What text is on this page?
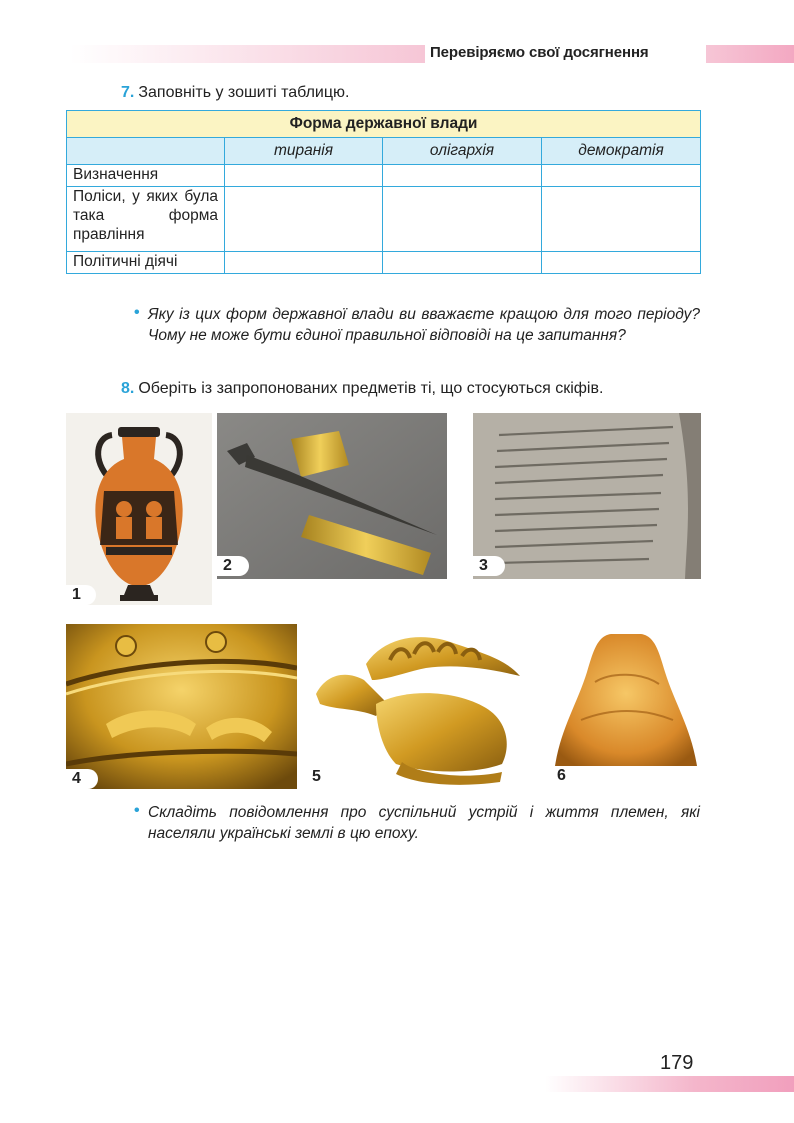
Перевіряємо свої досягнення
7. Заповніть у зошиті таблицю.
Форма державної влади			
	тиранія	олігархія	демократія
Визначення			
Поліси, у яких була така форма правління			
Політичні діячі			
• Яку із цих форм державної влади ви вважаєте кращою для того періоду? Чому не може бути єдиної правильної відповіді на це запитання?
8. Оберіть із запропонованих предметів ті, що стосуються скіфів.
1
2	3
4	5	6
• Складіть повідомлення про суспільний устрій і життя племен, які населяли українські землі в цю епоху.
179
